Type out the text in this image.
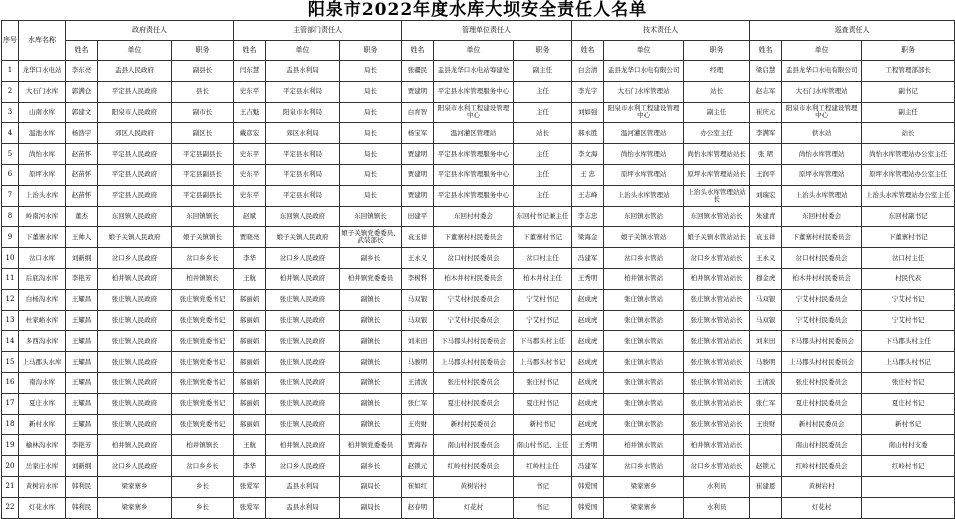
阳泉市2022年度水库大坝安全责任人名单
序号	水库名称	政府责任人			主管部门责任人			管理单位责任人			技术责任人			巡查责任人		
		姓名	单位	职务	姓名	单位	职务	姓名	单位	职务	姓名	单位	职务	姓名	单位	职务
1	龙华口水电站	李东亮	盂县人民政府	副县长	闫东慧	盂县水利局	局长	张疆民	盂县龙华口水电站筹建处	副主任	白会清	盂县龙华口水电有限公司	经理	梁启慧	盂县龙华口水电有限公司	工程管理部部长
2	大石门水库	郭满仓	平定县人民政府	县长	史东平	平定县水利局	局长	贾建明	平定县水库管理服务中心	主任	李光宇	大石门水库管理站	站长	赵志军	大石门水库管理站	副书记
3	山南水库	郭建文	阳泉市人民政府	副市长	王吉魁	阳泉市水利局	局长	白育智	阳泉市水利工程建设管理中心	主任	刘如强	阳泉市水利工程建设管理中心	副主任	崔庆元	阳泉市水利工程建设管理中心	副主任
4	温池水库	杨浩宇	郊区人民政府	副区长	戴彦宏	郊区水利局	局长	杨宝军	温河灌区管理站	站长	郝永胜	温河灌区管理站	办公室主任	李满军	供水站	站长
5	尚怡水库	赵苗怀	平定县人民政府	平定县副县长	史东平	平定县水利局	局长	贾建明	平定县水库管理服务中心	主任	李文海	尚怡水库管理站	尚怡水库管理站站长	张 珺	尚怡水库管理站	尚怡水库管理站办公室主任
6	原坪水库	赵苗怀	平定县人民政府	平定县副县长	史东平	平定县水利局	局长	贾建明	平定县水库管理服务中心	主任	王 忠	原坪水库管理站	原坪水库管理站站长	王润平	原坪水库管理站	原坪水库管理站办公室主任
7	上治头水库	赵苗怀	平定县人民政府	平定县副县长	史东平	平定县水利局	局长	贾建明	平定县水库管理服务中心	主任	王志峰	上治头水库管理站	上治头水库管理站站长	刘瑞宏	上治头水库管理站	上治头水库管理站办公室主任
8	岭南河水库	董杰	东回镇人民政府	东回镇镇长	赵斌	东回镇人民政府	东回镇镇长	田建平	东回村村委会	东回村书记兼主任	李志忠	东回镇水管站	东回镇水管站站长	朱建青	东回村村委会	东回村副书记
9	下董寨水库	王帅人	娘子关镇人民政府	娘子关镇镇长	贾晓亮	娘子关镇人民政府	娘子关镇党委委员、武装部长	袁玉祥	下董寨村村民委员会	下董寨村书记	梁海金	娘子关镇水管站	娘子关镇水管站站长	袁玉祥	下董寨村村民委员会	下董寨村书记
10	岔口水库	刘新纲	岔口乡人民政府	岔口乡乡长	李华	岔口乡人民政府	副乡长	王永义	岔口村村民委员会	岔口村主任	冯建军	岔口乡水管站	岔口乡水管站站长	王永义	岔口村村民委员会	岔口村主任
11	后底沟水库	李艳芳	柏井镇人民政府	柏井镇镇长	王航	柏井镇人民政府	柏井镇党委委员	李树科	柏木井村村民委员会	柏木井村主任	王秀明	柏井镇水管站	柏井镇水管站站长	穆金虎	柏木井村村民委员会	村民代表
12	白杨沟水库	王耀昌	张庄镇人民政府	张庄镇党委书记	郝丽娟	张庄镇人民政府	副镇长	马双银	宁艾村村民委员会	宁艾村书记	赵成虎	张庄镇水管站	张庄镇水管站站长	马双银	宁艾村村民委员会	宁艾村书记
13	杜家峪水库	王耀昌	张庄镇人民政府	张庄镇党委书记	郝丽娟	张庄镇人民政府	副镇长	马双银	宁艾村村民委员会	宁艾村书记	赵成虎	张庄镇水管站	张庄镇水管站站长	马双银	宁艾村村民委员会	宁艾村书记
14	多西沟水库	王耀昌	张庄镇人民政府	张庄镇党委书记	郝丽娟	张庄镇人民政府	副镇长	刘来田	下马郡头村村民委员会	下马郡头村主任	赵成虎	张庄镇水管站	张庄镇水管站站长	刘来田	下马郡头村村民委员会	下马郡头村主任
15	上马郡头水库	王耀昌	张庄镇人民政府	张庄镇党委书记	郝丽娟	张庄镇人民政府	副镇长	马骏明	上马郡头村村民委员会	上马郡头村书记	赵成虎	张庄镇水管站	张庄镇水管站站长	马骏明	上马郡头村村民委员会	上马郡头村书记
16	南沟水库	王耀昌	张庄镇人民政府	张庄镇党委书记	郝丽娟	张庄镇人民政府	副镇长	王清波	张庄村村民委员会	张庄村书记	赵成虎	张庄镇水管站	张庄镇水管站站长	王清波	张庄村村民委员会	张庄村书记
17	夏庄水库	王耀昌	张庄镇人民政府	张庄镇党委书记	郝丽娟	张庄镇人民政府	副镇长	张仁军	夏庄村村民委员会	夏庄村书记	赵成虎	张庄镇水管站	张庄镇水管站站长	张仁军	夏庄村村民委员会	夏庄村书记
18	新村水库	王耀昌	张庄镇人民政府	张庄镇党委书记	郝丽娟	张庄镇人民政府	副镇长	王贵财	新村村民委员会	新村书记	赵成虎	张庄镇水管站	张庄镇水管站站长	王贵财	新村村民委员会	新村书记
19	榆林沟水库	李艳芳	柏井镇人民政府	柏井镇镇长	王航	柏井镇人民政府	柏井镇党委委员	贾海春	南山村村民委员会	南山村书记、主任	王秀明	柏井镇水管站	柏井镇水管站站长		南山村村民委员会	南山村村支委
20	岳家庄水库	刘新纲	岔口乡人民政府	岔口乡乡长	李华	岔口乡人民政府	副乡长	赵锁元	红岭村村民委员会	红岭村主任	冯建军	岔口乡水管站	岔口乡水管站站长	赵锁元	红岭村村民委员会	红岭村书记
21	黄树岩水库	韩利民	梁家寨乡	乡长	张爱军	盂县水利局	副局长	崔如红	黄树岩村	书记	韩爱国	梁家寨乡	水利员	崔建恩	黄树岩村	
22	灯花水库	韩利民	梁家寨乡	乡长	张爱军	盂县水利局	副局长	赵春明	灯花村	书记	韩爱国	梁家寨乡	水利员		灯花村	
